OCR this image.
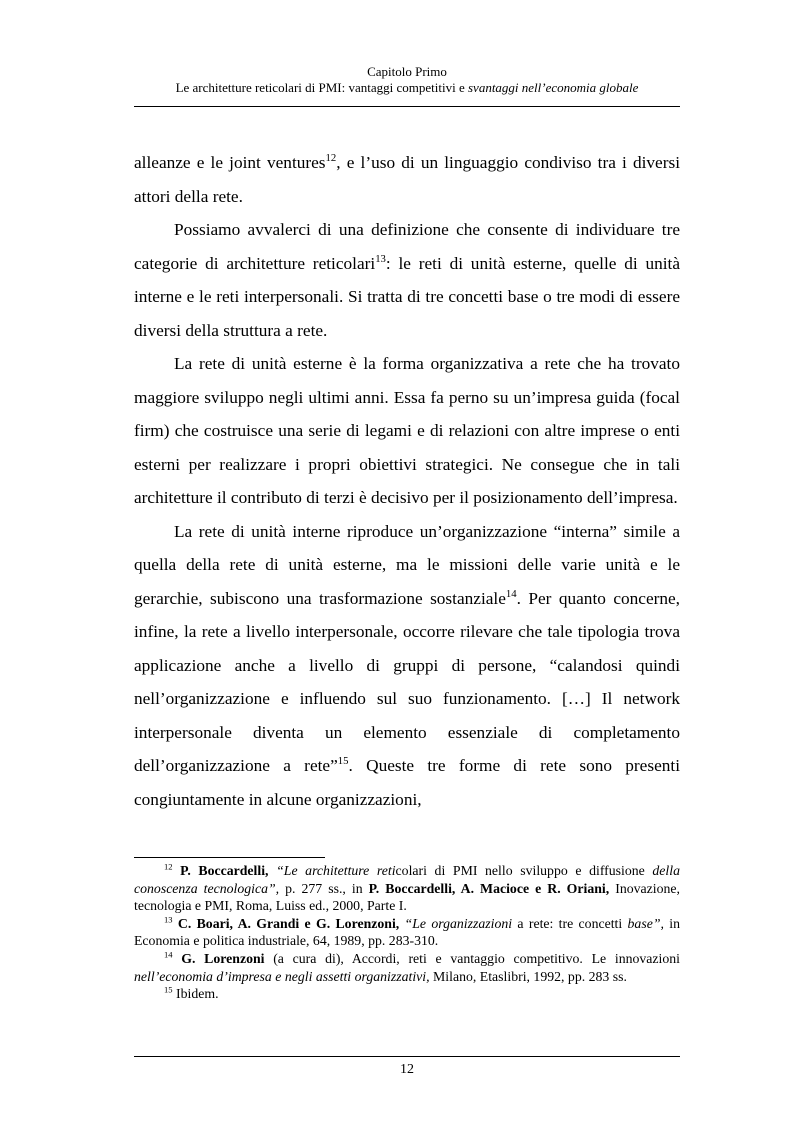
Capitolo Primo
Le architetture reticolari di PMI: vantaggi competitivi e svantaggi nell’economia globale

alleanze e le joint ventures$^{12}$, e l’uso di un linguaggio condiviso tra i diversi attori della rete.

Possiamo avvalerci di una definizione che consente di individuare tre categorie di architetture reticolari$^{13}$: le reti di unità esterne, quelle di unità interne e le reti interpersonali. Si tratta di tre concetti base o tre modi di essere diversi della struttura a rete.

La rete di unità esterne è la forma organizzativa a rete che ha trovato maggiore sviluppo negli ultimi anni. Essa fa perno su un’impresa guida (focal firm) che costruisce una serie di legami e di relazioni con altre imprese o enti esterni per realizzare i propri obiettivi strategici. Ne consegue che in tali architetture il contributo di terzi è decisivo per il posizionamento dell’impresa.

La rete di unità interne riproduce un’organizzazione “interna” simile a quella della rete di unità esterne, ma le missioni delle varie unità e le gerarchie, subiscono una trasformazione sostanziale$^{14}$. Per quanto concerne, infine, la rete a livello interpersonale, occorre rilevare che tale tipologia trova applicazione anche a livello di gruppi di persone, “calandosi quindi nell’organizzazione e influendo sul suo funzionamento. […] Il network interpersonale diventa un elemento essenziale di completamento dell’organizzazione a rete”$^{15}$. Queste tre forme di rete sono presenti congiuntamente in alcune organizzazioni,

$^{12}$ P. Boccardelli, “Le architetture reticolari di PMI nello sviluppo e diffusione della conoscenza tecnologica”, p. 277 ss., in P. Boccardelli, A. Macioce e R. Oriani, Inovazione, tecnologia e PMI, Roma, Luiss ed., 2000, Parte I.

$^{13}$ C. Boari, A. Grandi e G. Lorenzoni, “Le organizzazioni a rete: tre concetti base”, in Economia e politica industriale, 64, 1989, pp. 283-310.

$^{14}$ G. Lorenzoni (a cura di), Accordi, reti e vantaggio competitivo. Le innovazioni nell’economia d’impresa e negli assetti organizzativi, Milano, Etaslibri, 1992, pp. 283 ss.

$^{15}$ Ibidem.

12
